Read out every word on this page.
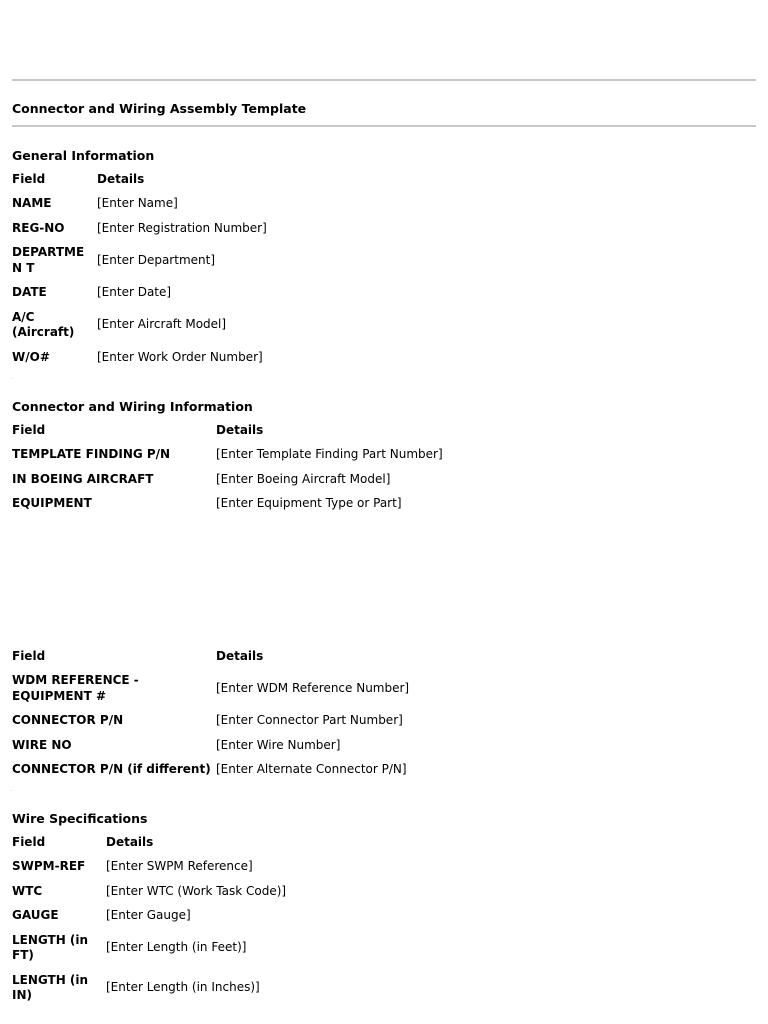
Connector and Wiring Assembly Template
General Information
Field	Details
NAME	[Enter Name]
REG-NO	[Enter Registration Number]
DEPARTMEN T	[Enter Department]
DATE	[Enter Date]
A/C (Aircraft)	[Enter Aircraft Model]
W/O#	[Enter Work Order Number]
Connector and Wiring Information
Field	Details
TEMPLATE FINDING P/N	[Enter Template Finding Part Number]
IN BOEING AIRCRAFT	[Enter Boeing Aircraft Model]
EQUIPMENT	[Enter Equipment Type or Part]
Field	Details
WDM REFERENCE - EQUIPMENT #	[Enter WDM Reference Number]
CONNECTOR P/N	[Enter Connector Part Number]
WIRE NO	[Enter Wire Number]
CONNECTOR P/N (if different)	[Enter Alternate Connector P/N]
Wire Specifications
Field	Details
SWPM-REF	[Enter SWPM Reference]
WTC	[Enter WTC (Work Task Code)]
GAUGE	[Enter Gauge]
LENGTH (in FT)	[Enter Length (in Feet)]
LENGTH (in IN)	[Enter Length (in Inches)]
